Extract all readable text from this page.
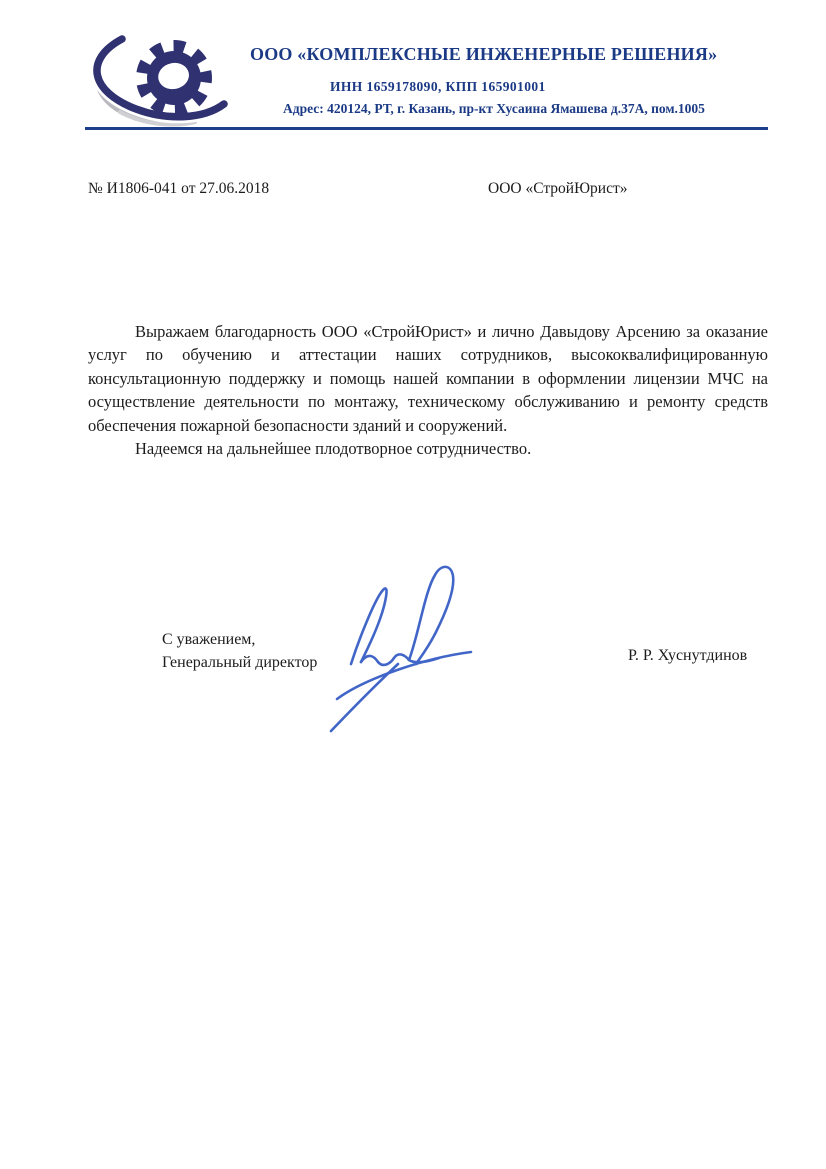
ООО «КОМПЛЕКСНЫЕ ИНЖЕНЕРНЫЕ РЕШЕНИЯ»
ИНН 1659178090, КПП 165901001
Адрес: 420124, РТ, г. Казань, пр-кт Хусаина Ямашева д.37А, пом.1005
№ И1806-041 от 27.06.2018	ООО «СтройЮрист»
Выражаем благодарность ООО «СтройЮрист» и лично Давыдову Арсению за оказание
услуг по обучению и аттестации наших сотрудников, высококвалифицированную
консультационную поддержку и помощь нашей компании в оформлении лицензии МЧС на
осуществление деятельности по монтажу, техническому обслуживанию и ремонту средств
обеспечения пожарной безопасности зданий и сооружений.
Надеемся на дальнейшее плодотворное сотрудничество.
С уважением,
Генеральный директор	Р. Р. Хуснутдинов
